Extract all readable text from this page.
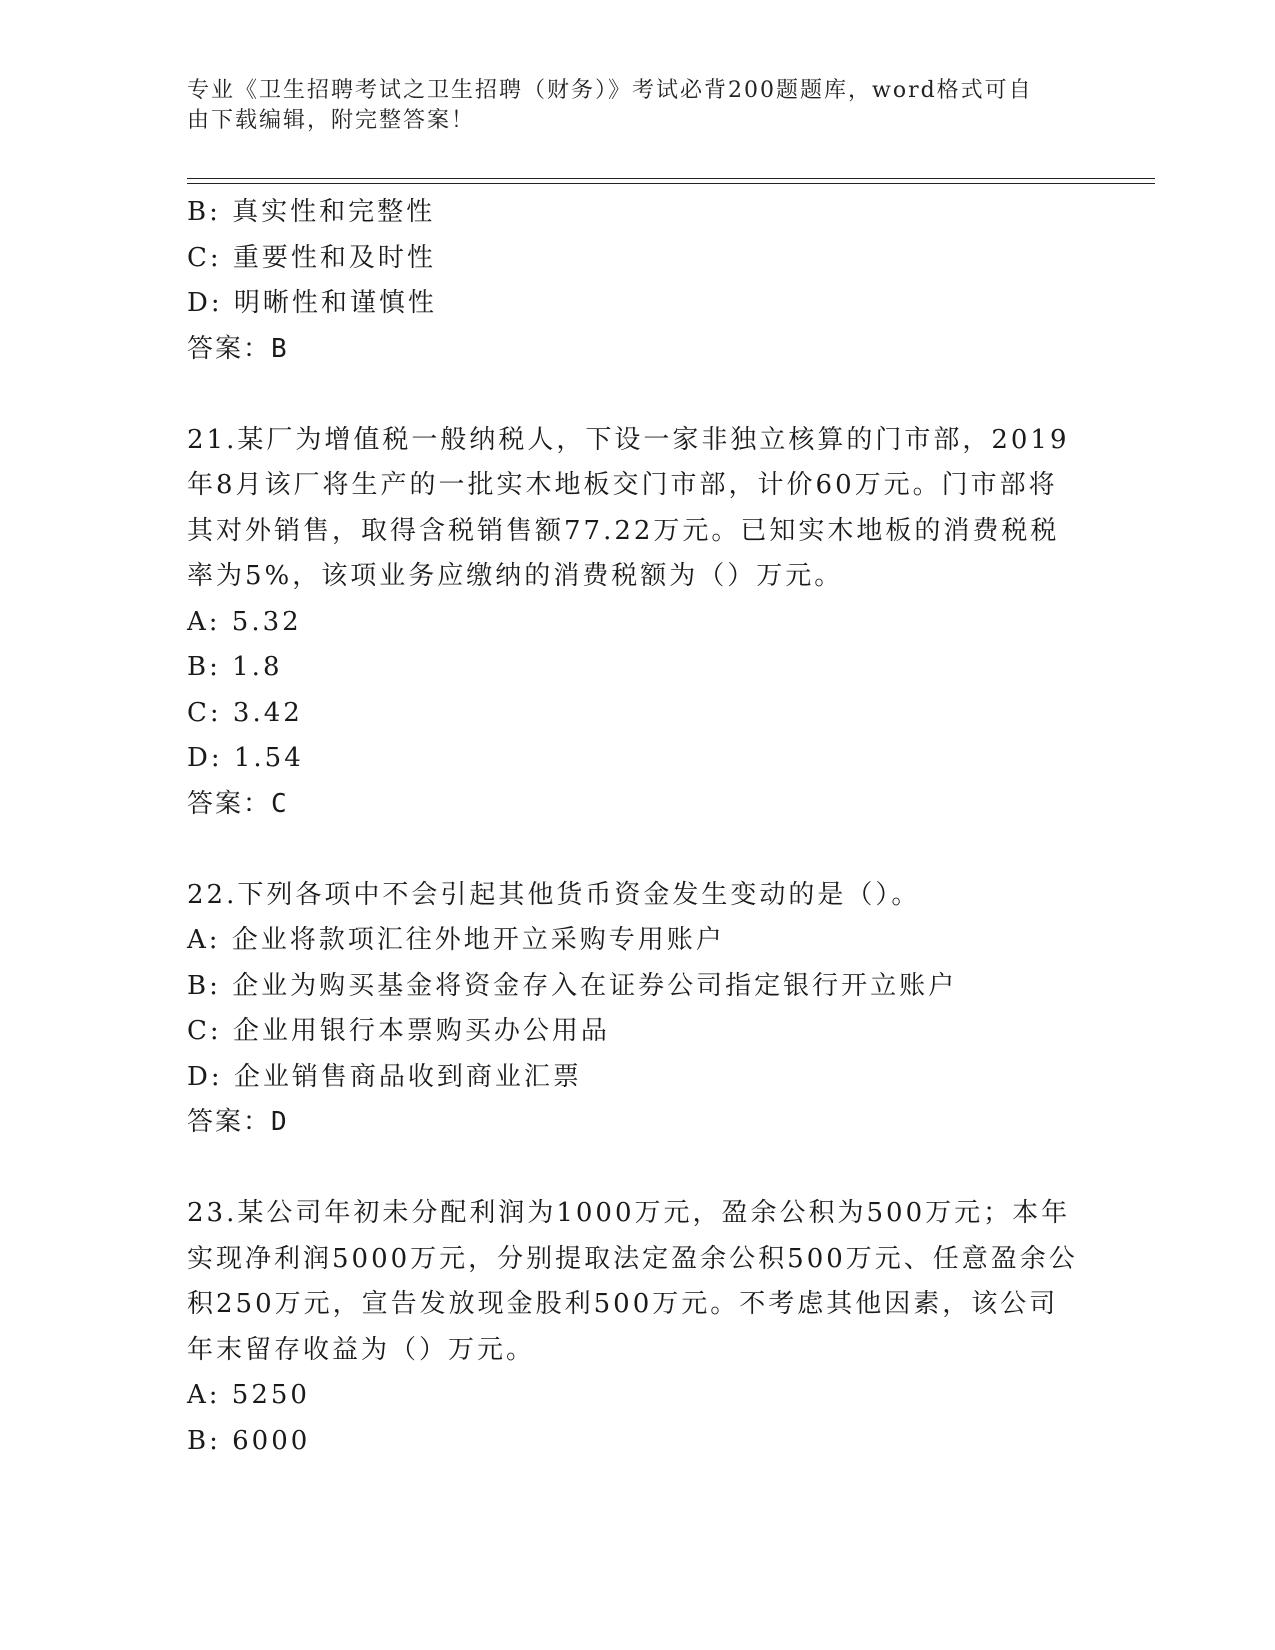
专业《卫生招聘考试之卫生招聘（财务）》考试必背200题题库，word格式可自
由下载编辑，附完整答案！
B: 真实性和完整性
C: 重要性和及时性
D: 明晰性和谨慎性
答案：B
21.某厂为增值税一般纳税人，下设一家非独立核算的门市部，2019
年8月该厂将生产的一批实木地板交门市部，计价60万元。门市部将
其对外销售，取得含税销售额77.22万元。已知实木地板的消费税税
率为5%，该项业务应缴纳的消费税额为（）万元。
A: 5.32
B: 1.8
C: 3.42
D: 1.54
答案：C
22.下列各项中不会引起其他货币资金发生变动的是（）。
A: 企业将款项汇往外地开立采购专用账户
B: 企业为购买基金将资金存入在证券公司指定银行开立账户
C: 企业用银行本票购买办公用品
D: 企业销售商品收到商业汇票
答案：D
23.某公司年初未分配利润为1000万元，盈余公积为500万元；本年
实现净利润5000万元，分别提取法定盈余公积500万元、任意盈余公
积250万元，宣告发放现金股利500万元。不考虑其他因素，该公司
年末留存收益为（）万元。
A: 5250
B: 6000
